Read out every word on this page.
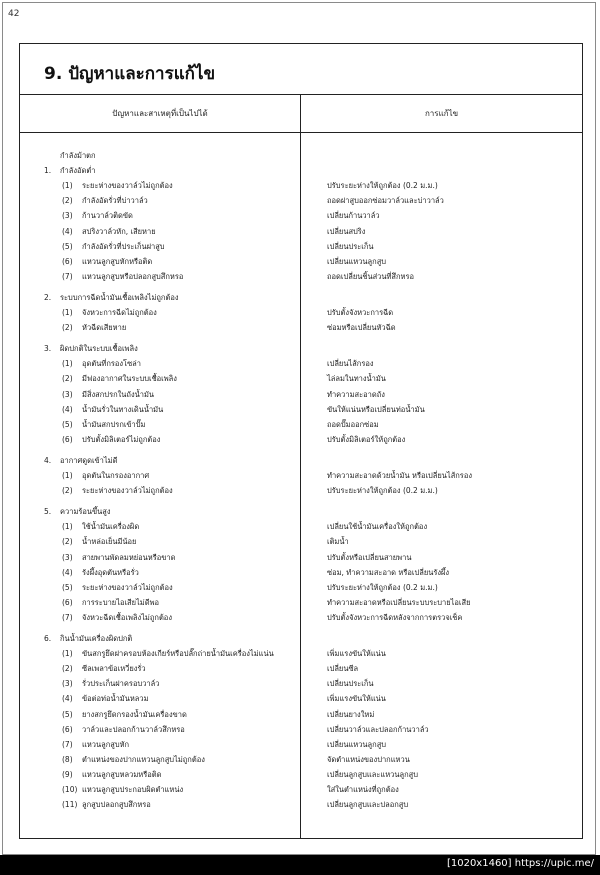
42
9. ปัญหาและการแก้ไข
ปัญหาและสาเหตุที่เป็นไปได้	การแก้ไข
กำลังม้าตก
1. กำลังอัดต่ำ
(1) ระยะห่างของวาล์วไม่ถูกต้อง	ปรับระยะห่างให้ถูกต้อง (0.2 ม.ม.)
(2) กำลังอัดรั่วที่บ่าวาล์ว	ถอดฝาสูบออกซ่อมวาล์วและบ่าวาล์ว
(3) ก้านวาล์วติดขัด	เปลี่ยนก้านวาล์ว
(4) สปริงวาล์วหัก, เสียหาย	เปลี่ยนสปริง
(5) กำลังอัดรั่วที่ประเก็นฝาสูบ	เปลี่ยนประเก็น
(6) แหวนลูกสูบหักหรือติด	เปลี่ยนแหวนลูกสูบ
(7) แหวนลูกสูบหรือปลอกสูบสึกหรอ	ถอดเปลี่ยนชิ้นส่วนที่สึกหรอ
2. ระบบการฉีดน้ำมันเชื้อเพลิงไม่ถูกต้อง
(1) จังหวะการฉีดไม่ถูกต้อง	ปรับตั้งจังหวะการฉีด
(2) หัวฉีดเสียหาย	ซ่อมหรือเปลี่ยนหัวฉีด
3. ผิดปกติในระบบเชื้อเพลิง
(1) อุดตันที่กรองโซล่า	เปลี่ยนไส้กรอง
(2) มีฟองอากาศในระบบเชื้อเพลิง	ไล่ลมในทางน้ำมัน
(3) มีสิ่งสกปรกในถังน้ำมัน	ทำความสะอาดถัง
(4) น้ำมันรั่วในทางเดินน้ำมัน	ขันให้แน่นหรือเปลี่ยนท่อน้ำมัน
(5) น้ำมันสกปรกเข้าปั๊ม	ถอดปั๊มออกซ่อม
(6) ปรับตั้งมิลิเตอร์ไม่ถูกต้อง	ปรับตั้งมิลิเตอร์ให้ถูกต้อง
4. อากาศดูดเข้าไม่ดี
(1) อุดตันในกรองอากาศ	ทำความสะอาดด้วยน้ำมัน หรือเปลี่ยนไส้กรอง
(2) ระยะห่างของวาล์วไม่ถูกต้อง	ปรับระยะห่างให้ถูกต้อง (0.2 ม.ม.)
5. ความร้อนขึ้นสูง
(1) ใช้น้ำมันเครื่องผิด	เปลี่ยนใช้น้ำมันเครื่องให้ถูกต้อง
(2) น้ำหล่อเย็นมีน้อย	เติมน้ำ
(3) สายพานพัดลมหย่อนหรือขาด	ปรับตั้งหรือเปลี่ยนสายพาน
(4) รังผึ้งอุดตันหรือรั่ว	ซ่อม, ทำความสะอาด หรือเปลี่ยนรังผึ้ง
(5) ระยะห่างของวาล์วไม่ถูกต้อง	ปรับระยะห่างให้ถูกต้อง (0.2 ม.ม.)
(6) การระบายไอเสียไม่ดีพอ	ทำความสะอาดหรือเปลี่ยนระบบระบายไอเสีย
(7) จังหวะฉีดเชื้อเพลิงไม่ถูกต้อง	ปรับตั้งจังหวะการฉีดหลังจากการตรวจเช็ค
6. กินน้ำมันเครื่องผิดปกติ
(1) ขันสกรูยึดฝาครอบห้องเกียร์หรือปลั๊กถ่ายน้ำมันเครื่องไม่แน่น	เพิ่มแรงขันให้แน่น
(2) ซีลเพลาข้อเหวี่ยงรั่ว	เปลี่ยนซีล
(3) รั่วประเก็นฝาครอบวาล์ว	เปลี่ยนประเก็น
(4) ข้อต่อท่อน้ำมันหลวม	เพิ่มแรงขันให้แน่น
(5) ยางสกรูยึดกรองน้ำมันเครื่องขาด	เปลี่ยนยางใหม่
(6) วาล์วและปลอกก้านวาล์วสึกหรอ	เปลี่ยนวาล์วและปลอกก้านวาล์ว
(7) แหวนลูกสูบหัก	เปลี่ยนแหวนลูกสูบ
(8) ตำแหน่งของปากแหวนลูกสูบไม่ถูกต้อง	จัดตำแหน่งของปากแหวน
(9) แหวนลูกสูบหลวมหรือติด	เปลี่ยนลูกสูบและแหวนลูกสูบ
(10) แหวนลูกสูบประกอบผิดตำแหน่ง	ใส่ในตำแหน่งที่ถูกต้อง
(11) ลูกสูบปลอกสูบสึกหรอ	เปลี่ยนลูกสูบและปลอกสูบ
[1020x1460] https://upic.me/
